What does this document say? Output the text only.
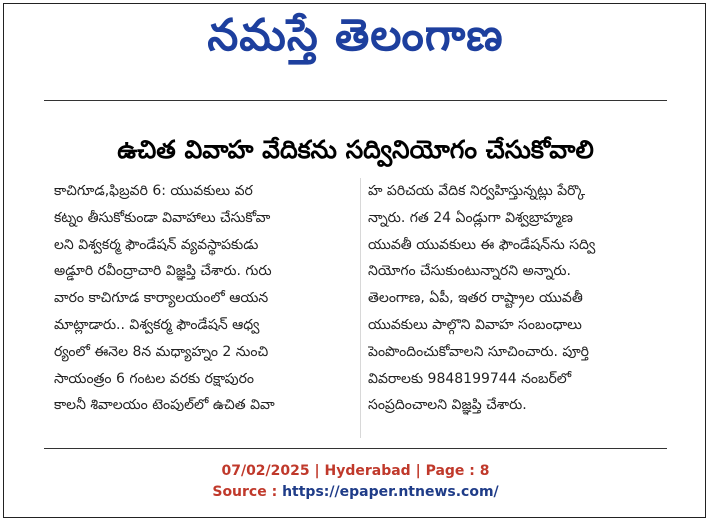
నమస్తే తెలంగాణ
ఉచిత వివాహ వేదికను సద్వినియోగం చేసుకోవాలి
కాచిగూడ,ఫిబ్రవరి 6: యువకులు వర
కట్నం తీసుకోకుండా వివాహాలు చేసుకోవా
లని విశ్వకర్మ ఫౌండేషన్ వ్యవస్థాపకుడు
అడ్డూరి రవీంద్రాచారి విజ్ఞప్తి చేశారు. గురు
వారం కాచిగూడ కార్యాలయంలో ఆయన
మాట్లాడారు.. విశ్వకర్మ ఫౌండేషన్ ఆధ్వ
ర్యంలో ఈనెల 8న మధ్యాహ్నం 2 నుంచి
సాయంత్రం 6 గంటల వరకు రక్షాపురం
కాలనీ శివాలయం టెంపుల్‌లో ఉచిత వివా
హ పరిచయ వేదిక నిర్వహిస్తున్నట్లు పేర్కొ
న్నారు. గత 24 ఏండ్లుగా విశ్వబ్రాహ్మణ
యువతీ యువకులు ఈ ఫౌండేషన్‌ను సద్వి
నియోగం చేసుకుంటున్నారని అన్నారు.
తెలంగాణ, ఏపీ, ఇతర రాష్ట్రాల యువతీ
యువకులు పాల్గొని వివాహ సంబంధాలు
పెంపొందించుకోవాలని సూచించారు. పూర్తి
వివరాలకు 9848199744 నంబర్‌లో
సంప్రదించాలని విజ్ఞప్తి చేశారు.
07/02/2025 | Hyderabad | Page : 8
Source : https://epaper.ntnews.com/
